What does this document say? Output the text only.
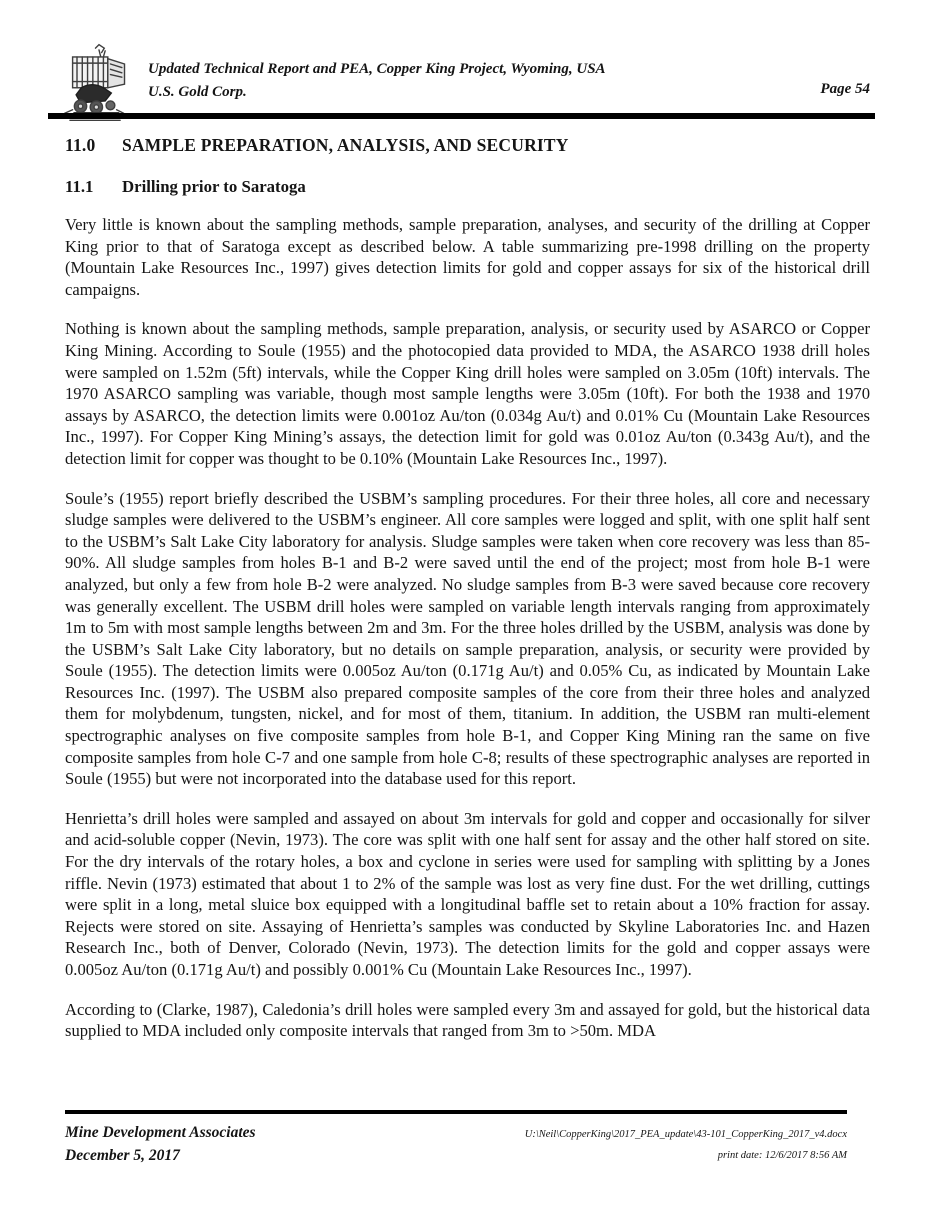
Updated Technical Report and PEA, Copper King Project, Wyoming, USA
U.S. Gold Corp.	Page 54
11.0	SAMPLE PREPARATION, ANALYSIS, AND SECURITY
11.1	Drilling prior to Saratoga

Very little is known about the sampling methods, sample preparation, analyses, and security of the drilling at Copper King prior to that of Saratoga except as described below. A table summarizing pre-1998 drilling on the property (Mountain Lake Resources Inc., 1997) gives detection limits for gold and copper assays for six of the historical drill campaigns.

Nothing is known about the sampling methods, sample preparation, analysis, or security used by ASARCO or Copper King Mining. According to Soule (1955) and the photocopied data provided to MDA, the ASARCO 1938 drill holes were sampled on 1.52m (5ft) intervals, while the Copper King drill holes were sampled on 3.05m (10ft) intervals. The 1970 ASARCO sampling was variable, though most sample lengths were 3.05m (10ft). For both the 1938 and 1970 assays by ASARCO, the detection limits were 0.001oz Au/ton (0.034g Au/t) and 0.01% Cu (Mountain Lake Resources Inc., 1997). For Copper King Mining’s assays, the detection limit for gold was 0.01oz Au/ton (0.343g Au/t), and the detection limit for copper was thought to be 0.10% (Mountain Lake Resources Inc., 1997).

Soule’s (1955) report briefly described the USBM’s sampling procedures. For their three holes, all core and necessary sludge samples were delivered to the USBM’s engineer. All core samples were logged and split, with one split half sent to the USBM’s Salt Lake City laboratory for analysis. Sludge samples were taken when core recovery was less than 85-90%. All sludge samples from holes B-1 and B-2 were saved until the end of the project; most from hole B-1 were analyzed, but only a few from hole B-2 were analyzed. No sludge samples from B-3 were saved because core recovery was generally excellent. The USBM drill holes were sampled on variable length intervals ranging from approximately 1m to 5m with most sample lengths between 2m and 3m. For the three holes drilled by the USBM, analysis was done by the USBM’s Salt Lake City laboratory, but no details on sample preparation, analysis, or security were provided by Soule (1955). The detection limits were 0.005oz Au/ton (0.171g Au/t) and 0.05% Cu, as indicated by Mountain Lake Resources Inc. (1997). The USBM also prepared composite samples of the core from their three holes and analyzed them for molybdenum, tungsten, nickel, and for most of them, titanium. In addition, the USBM ran multi-element spectrographic analyses on five composite samples from hole B-1, and Copper King Mining ran the same on five composite samples from hole C-7 and one sample from hole C-8; results of these spectrographic analyses are reported in Soule (1955) but were not incorporated into the database used for this report.

Henrietta’s drill holes were sampled and assayed on about 3m intervals for gold and copper and occasionally for silver and acid-soluble copper (Nevin, 1973). The core was split with one half sent for assay and the other half stored on site. For the dry intervals of the rotary holes, a box and cyclone in series were used for sampling with splitting by a Jones riffle. Nevin (1973) estimated that about 1 to 2% of the sample was lost as very fine dust. For the wet drilling, cuttings were split in a long, metal sluice box equipped with a longitudinal baffle set to retain about a 10% fraction for assay. Rejects were stored on site. Assaying of Henrietta’s samples was conducted by Skyline Laboratories Inc. and Hazen Research Inc., both of Denver, Colorado (Nevin, 1973). The detection limits for the gold and copper assays were 0.005oz Au/ton (0.171g Au/t) and possibly 0.001% Cu (Mountain Lake Resources Inc., 1997).

According to (Clarke, 1987), Caledonia’s drill holes were sampled every 3m and assayed for gold, but the historical data supplied to MDA included only composite intervals that ranged from 3m to >50m. MDA

Mine Development Associates
December 5, 2017
U:\Neil\CopperKing\2017_PEA_update\43-101_CopperKing_2017_v4.docx
print date: 12/6/2017 8:56 AM
